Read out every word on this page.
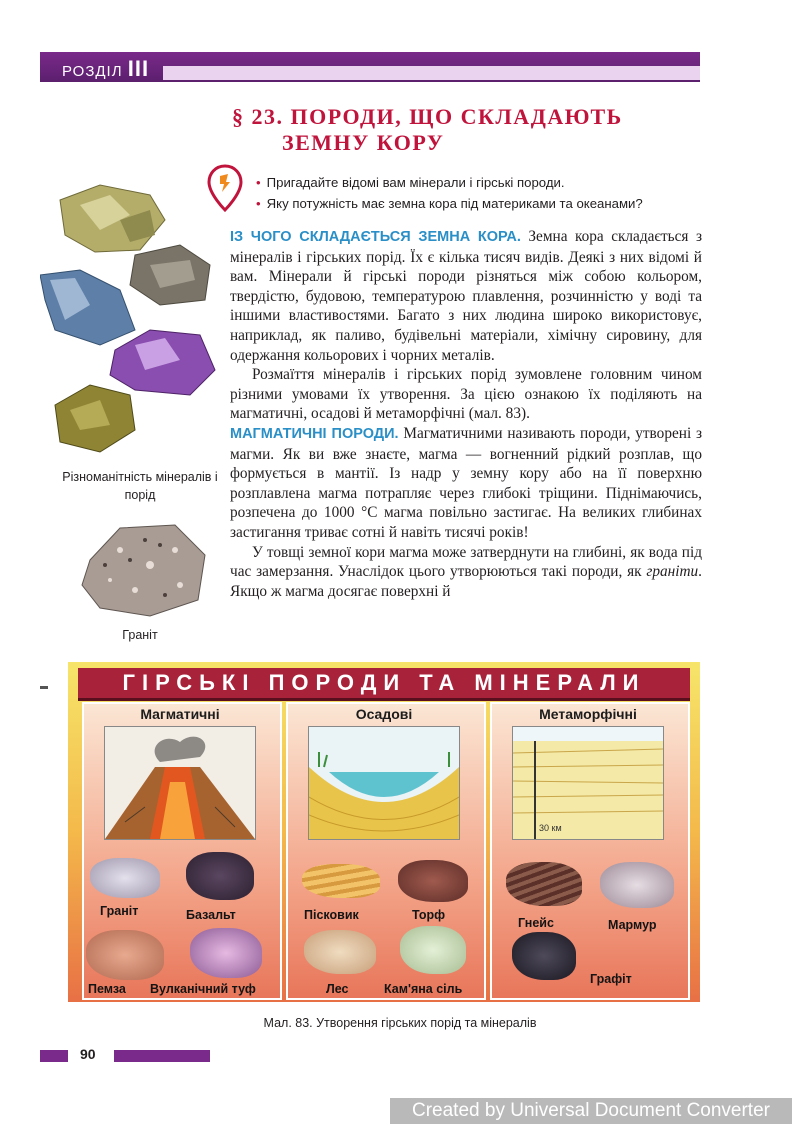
РОЗДІЛ III
§ 23. ПОРОДИ, ЩО СКЛАДАЮТЬ
ЗЕМНУ КОРУ
• Пригадайте відомі вам мінерали і гірські породи.
• Яку потужність має земна кора під материками та океанами?
Різноманітність мінералів і порід
Граніт

ІЗ ЧОГО СКЛАДАЄТЬСЯ ЗЕМНА КОРА. Земна кора складається з мінералів і гірських порід. Їх є кілька тисяч видів. Деякі з них відомі й вам. Мінерали й гірські породи різняться між собою кольором, твердістю, будовою, температурою плавлення, розчинністю у воді та іншими властивостями. Багато з них людина широко використовує, наприклад, як паливо, будівельні матеріали, хімічну сировину, для одержання кольорових і чорних металів.

Розмаїття мінералів і гірських порід зумовлене головним чином різними умовами їх утворення. За цією ознакою їх поділяють на магматичні, осадові й метаморфічні (мал. 83).

МАГМАТИЧНІ ПОРОДИ. Магматичними називають породи, утворені з магми. Як ви вже знаєте, магма — вогненний рідкий розплав, що формується в мантії. Із надр у земну кору або на її поверхню розплавлена магма потрапляє через глибокі тріщини. Піднімаючись, розпечена до 1000 °С магма повільно застигає. На великих глибинах застигання триває сотні й навіть тисячі років!

У товщі земної кори магма може затверднути на глибині, як вода під час замерзання. Унаслідок цього утворюються такі породи, як граніти. Якщо ж магма досягає поверхні й

ГІРСЬКІ ПОРОДИ ТА МІНЕРАЛИ
Магматичні	Осадові	Метаморфічні
30 км
Граніт	Базальт
Пемза Вулканічний туф
Пісковик	Торф
Лес	Кам'яна сіль
Гнейс	Мармур
Графіт
Мал. 83. Утворення гірських порід та мінералів
90
Created by Universal Document Converter
